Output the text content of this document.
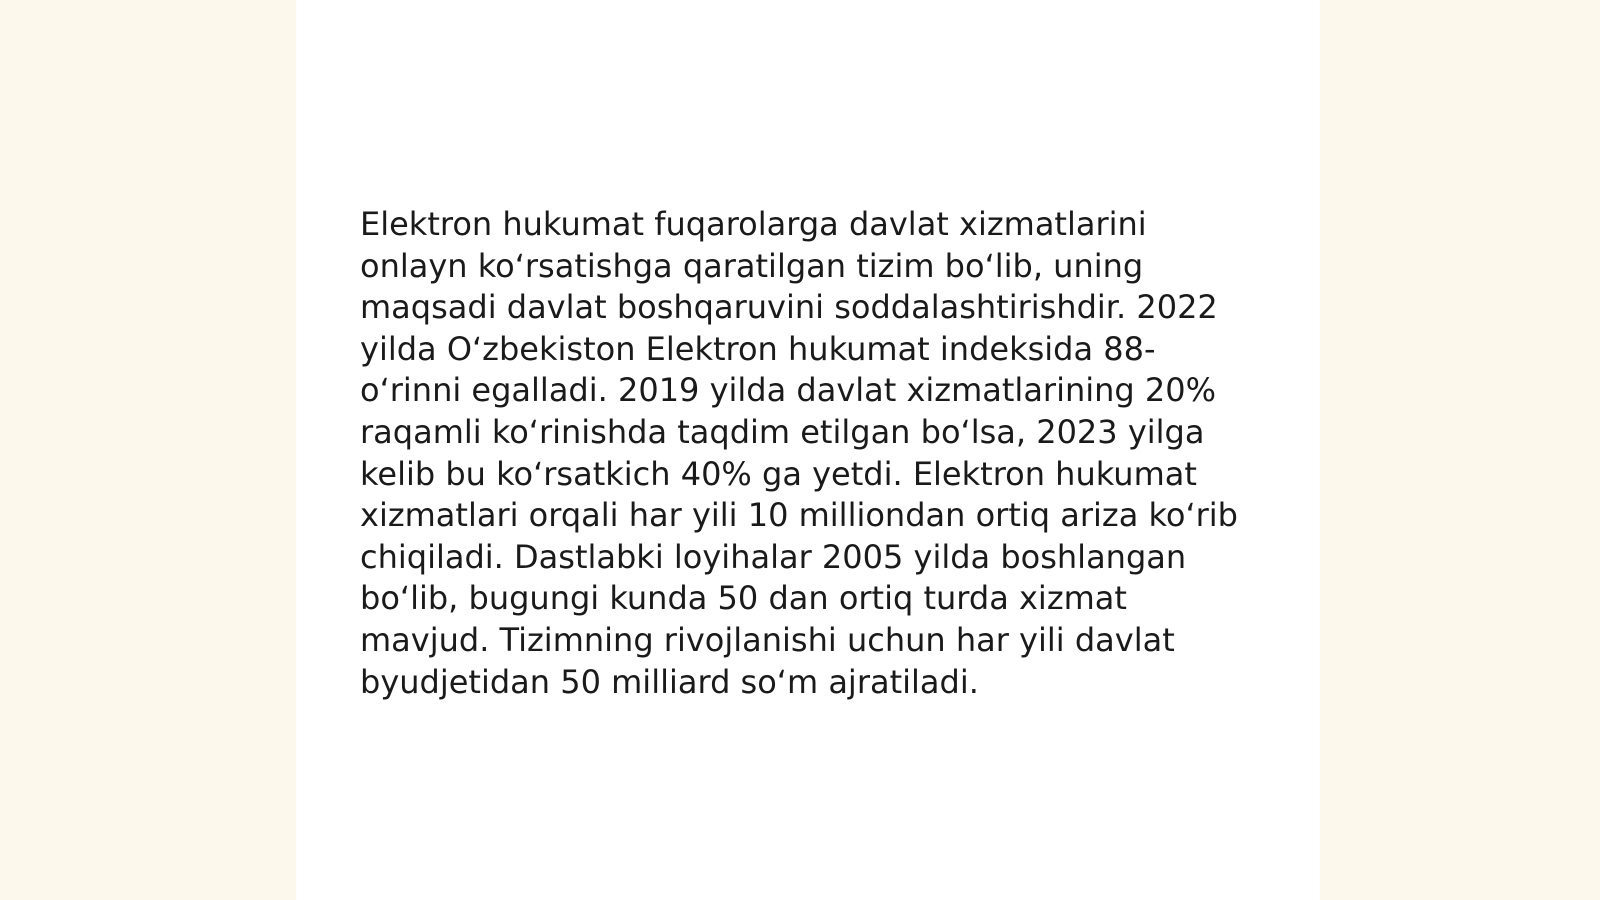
Elektron hukumat fuqarolarga davlat xizmatlarini onlayn ko‘rsatishga qaratilgan tizim bo‘lib, uning maqsadi davlat boshqaruvini soddalashtirishdir. 2022 yilda O‘zbekiston Elektron hukumat indeksida 88-o‘rinni egalladi. 2019 yilda davlat xizmatlarining 20% raqamli ko‘rinishda taqdim etilgan bo‘lsa, 2023 yilga kelib bu ko‘rsatkich 40% ga yetdi. Elektron hukumat xizmatlari orqali har yili 10 milliondan ortiq ariza ko‘rib chiqiladi. Dastlabki loyihalar 2005 yilda boshlangan bo‘lib, bugungi kunda 50 dan ortiq turda xizmat mavjud. Tizimning rivojlanishi uchun har yili davlat byudjetidan 50 milliard so‘m ajratiladi.
